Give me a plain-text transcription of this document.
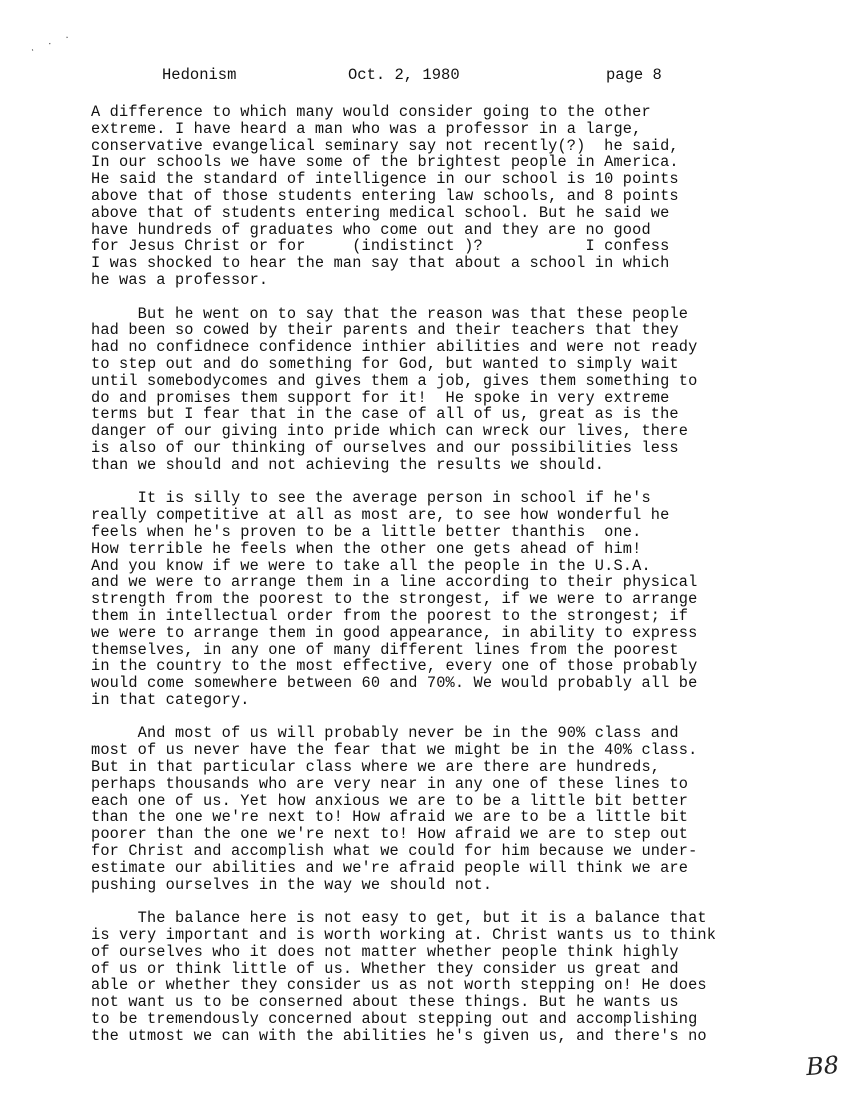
· · ·
Hedonism	Oct. 2, 1980	page 8
A difference to which many would consider going to the other
extreme. I have heard a man who was a professor in a large,
conservative evangelical seminary say not recently(?)  he said,
In our schools we have some of the brightest people in America.
He said the standard of intelligence in our school is 10 points
above that of those students entering law schools, and 8 points
above that of students entering medical school. But he said we
have hundreds of graduates who come out and they are no good
for Jesus Christ or for     (indistinct )?           I confess
I was shocked to hear the man say that about a school in which
he was a professor.
But he went on to say that the reason was that these people
had been so cowed by their parents and their teachers that they
had no confidnece confidence inthier abilities and were not ready
to step out and do something for God, but wanted to simply wait
until somebodycomes and gives them a job, gives them something to
do and promises them support for it!  He spoke in very extreme
terms but I fear that in the case of all of us, great as is the
danger of our giving into pride which can wreck our lives, there
is also of our thinking of ourselves and our possibilities less
than we should and not achieving the results we should.
It is silly to see the average person in school if he's
really competitive at all as most are, to see how wonderful he
feels when he's proven to be a little better thanthis  one.
How terrible he feels when the other one gets ahead of him!
And you know if we were to take all the people in the U.S.A.
and we were to arrange them in a line according to their physical
strength from the poorest to the strongest, if we were to arrange
them in intellectual order from the poorest to the strongest; if
we were to arrange them in good appearance, in ability to express
themselves, in any one of many different lines from the poorest
in the country to the most effective, every one of those probably
would come somewhere between 60 and 70%. We would probably all be
in that category.
And most of us will probably never be in the 90% class and
most of us never have the fear that we might be in the 40% class.
But in that particular class where we are there are hundreds,
perhaps thousands who are very near in any one of these lines to
each one of us. Yet how anxious we are to be a little bit better
than the one we're next to! How afraid we are to be a little bit
poorer than the one we're next to! How afraid we are to step out
for Christ and accomplish what we could for him because we under-
estimate our abilities and we're afraid people will think we are
pushing ourselves in the way we should not.
The balance here is not easy to get, but it is a balance that
is very important and is worth working at. Christ wants us to think
of ourselves who it does not matter whether people think highly
of us or think little of us. Whether they consider us great and
able or whether they consider us as not worth stepping on! He does
not want us to be conserned about these things. But he wants us
to be tremendously concerned about stepping out and accomplishing
the utmost we can with the abilities he's given us, and there's no
B8
